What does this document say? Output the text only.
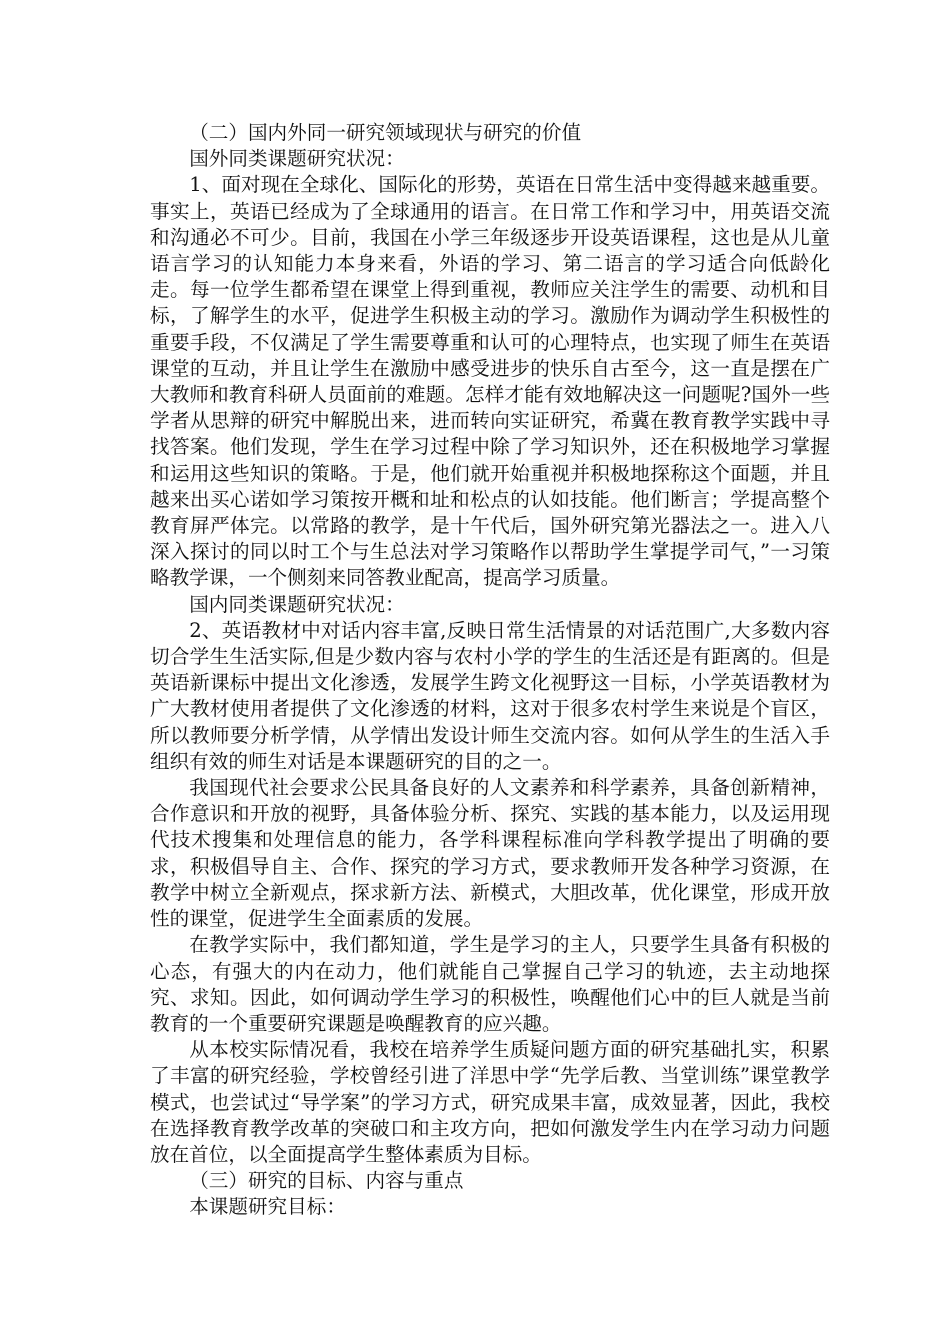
（二）国内外同一研究领域现状与研究的价值

国外同类课题研究状况：

1、面对现在全球化、国际化的形势，英语在日常生活中变得越来越重要。事实上，英语已经成为了全球通用的语言。在日常工作和学习中，用英语交流和沟通必不可少。目前，我国在小学三年级逐步开设英语课程，这也是从儿童语言学习的认知能力本身来看，外语的学习、第二语言的学习适合向低龄化走。每一位学生都希望在课堂上得到重视，教师应关注学生的需要、动机和目标，了解学生的水平，促进学生积极主动的学习。激励作为调动学生积极性的重要手段，不仅满足了学生需要尊重和认可的心理特点，也实现了师生在英语课堂的互动，并且让学生在激励中感受进步的快乐自古至今，这一直是摆在广大教师和教育科研人员面前的难题。怎样才能有效地解决这一问题呢?国外一些学者从思辩的研究中解脱出来，进而转向实证研究，希冀在教育教学实践中寻找答案。他们发现，学生在学习过程中除了学习知识外，还在积极地学习掌握和运用这些知识的策略。于是，他们就开始重视并积极地探称这个面题，并且越来出买心诺如学习策按开概和址和松点的认如技能。他们断言；学提高整个教育屏严体完。以常路的教学，是十午代后，国外研究第光器法之一。进入八深入探讨的同以时工个与生总法对学习策略作以帮助学生掌提学司气，”一习策略教学课，一个侧刻来同答教业配高，提高学习质量。

国内同类课题研究状况：

2、英语教材中对话内容丰富,反映日常生活情景的对话范围广,大多数内容切合学生生活实际,但是少数内容与农村小学的学生的生活还是有距离的。但是英语新课标中提出文化渗透，发展学生跨文化视野这一目标，小学英语教材为广大教材使用者提供了文化渗透的材料，这对于很多农村学生来说是个盲区，所以教师要分析学情，从学情出发设计师生交流内容。如何从学生的生活入手组织有效的师生对话是本课题研究的目的之一。

我国现代社会要求公民具备良好的人文素养和科学素养，具备创新精神，合作意识和开放的视野，具备体验分析、探究、实践的基本能力，以及运用现代技术搜集和处理信息的能力，各学科课程标准向学科教学提出了明确的要求，积极倡导自主、合作、探究的学习方式，要求教师开发各种学习资源，在教学中树立全新观点，探求新方法、新模式，大胆改革，优化课堂，形成开放性的课堂，促进学生全面素质的发展。

在教学实际中，我们都知道，学生是学习的主人，只要学生具备有积极的心态，有强大的内在动力，他们就能自己掌握自己学习的轨迹，去主动地探究、求知。因此，如何调动学生学习的积极性，唤醒他们心中的巨人就是当前教育的一个重要研究课题是唤醒教育的应兴趣。

从本校实际情况看，我校在培养学生质疑问题方面的研究基础扎实，积累了丰富的研究经验，学校曾经引进了洋思中学“先学后教、当堂训练”课堂教学模式，也尝试过“导学案”的学习方式，研究成果丰富，成效显著，因此，我校在选择教育教学改革的突破口和主攻方向，把如何激发学生内在学习动力问题放在首位，以全面提高学生整体素质为目标。

（三）研究的目标、内容与重点

本课题研究目标：
